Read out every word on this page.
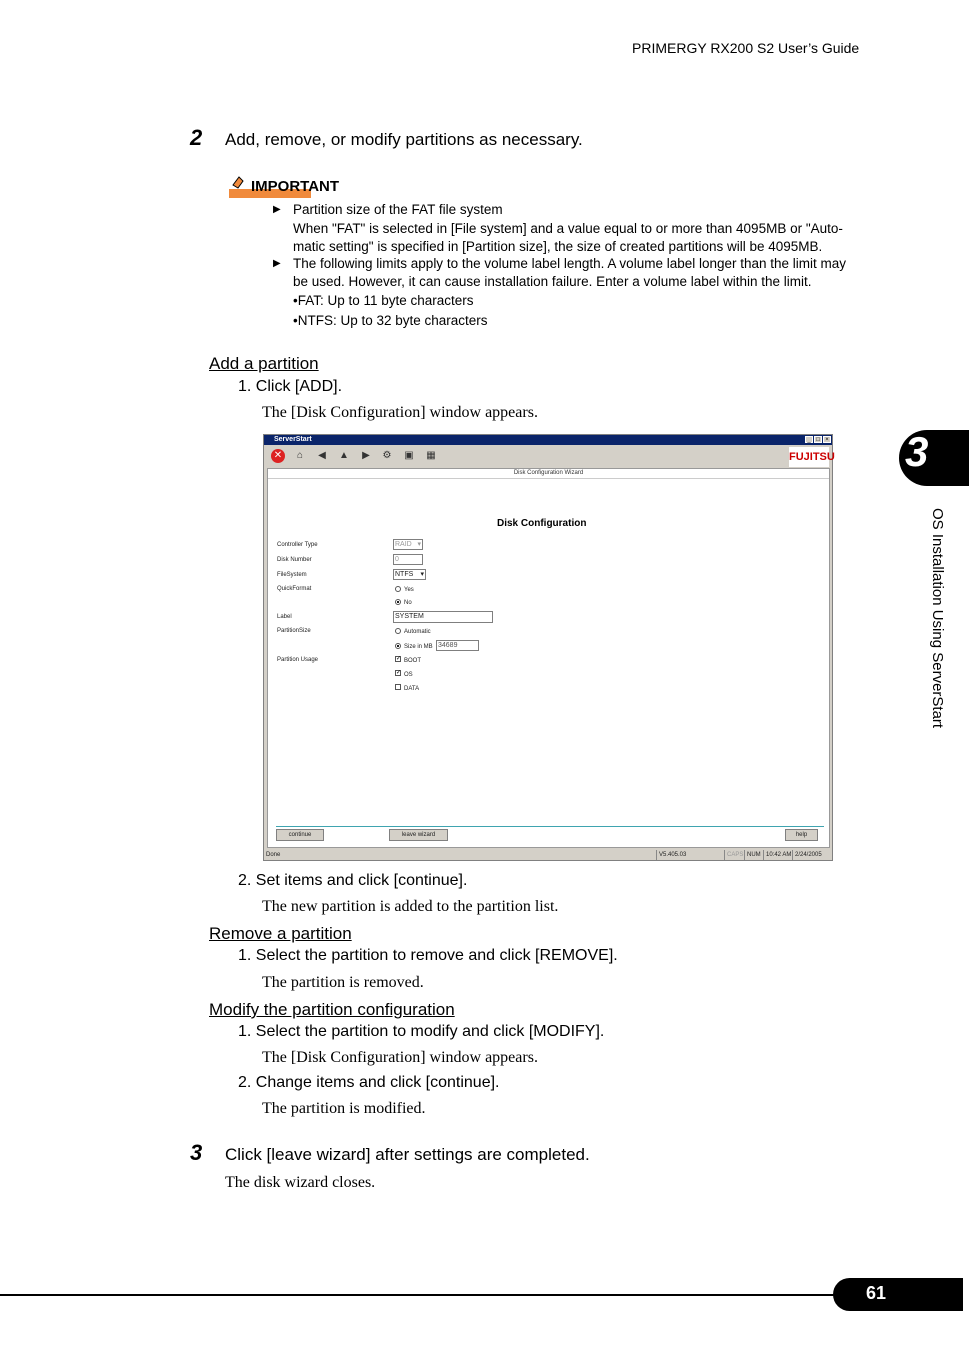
PRIMERGY RX200 S2 User’s Guide
2 Add, remove, or modify partitions as necessary.
IMPORTANT
▶ Partition size of the FAT file system
When "FAT" is selected in [File system] and a value equal to or more than 4095MB or "Auto-
matic setting" is specified in [Partition size], the size of created partitions will be 4095MB.
▶ The following limits apply to the volume label length. A volume label longer than the limit may
be used. However, it can cause installation failure. Enter a volume label within the limit.
•FAT: Up to 11 byte characters
•NTFS: Up to 32 byte characters
Add a partition
1. Click [ADD].
The [Disk Configuration] window appears.
ServerStart	_ □ ×
✕	⌂	◀	▲	▶	⚙ ▣ ▦	FUJITSU
Disk Configuration Wizard
Disk Configuration
Controller Type	RAID ▾
Disk Number	0
FileSystem	NTFS ▾
QuickFormat	Yes
No
Label	SYSTEM
PartitionSize	Automatic
Size in MB 34689
Partition Usage	✓ BOOT
✓ OS
DATA
continue	leave wizard	help
Done	V5.405.03	CAPS NUM 10:42 AM 2/24/2005
2. Set items and click [continue].
The new partition is added to the partition list.
Remove a partition
1. Select the partition to remove and click [REMOVE].
The partition is removed.
Modify the partition configuration
1. Select the partition to modify and click [MODIFY].
The [Disk Configuration] window appears.
2. Change items and click [continue].
The partition is modified.
3 Click [leave wizard] after settings are completed.
The disk wizard closes.
3
OS Installation Using ServerStart
61
